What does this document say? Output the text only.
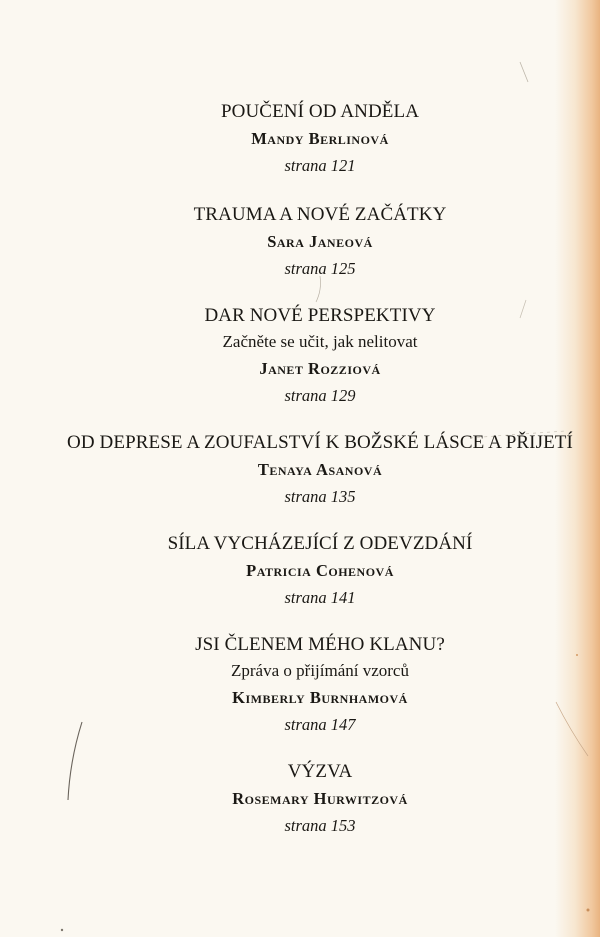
POUČENÍ OD ANDĚLA
Mandy Berlinová
strana 121
TRAUMA A NOVÉ ZAČÁTKY
Sara Janeová
strana 125
DAR NOVÉ PERSPEKTIVY
Začněte se učit, jak nelitovat
Janet Rozziová
strana 129
OD DEPRESE A ZOUFALSTVÍ K BOŽSKÉ LÁSCE A PŘIJETÍ
Tenaya Asanová
strana 135
SÍLA VYCHÁZEJÍCÍ Z ODEVZDÁNÍ
Patricia Cohenová
strana 141
JSI ČLENEM MÉHO KLANU?
Zpráva o přijímání vzorců
Kimberly Burnhamová
strana 147
VÝZVA
Rosemary Hurwitzová
strana 153
